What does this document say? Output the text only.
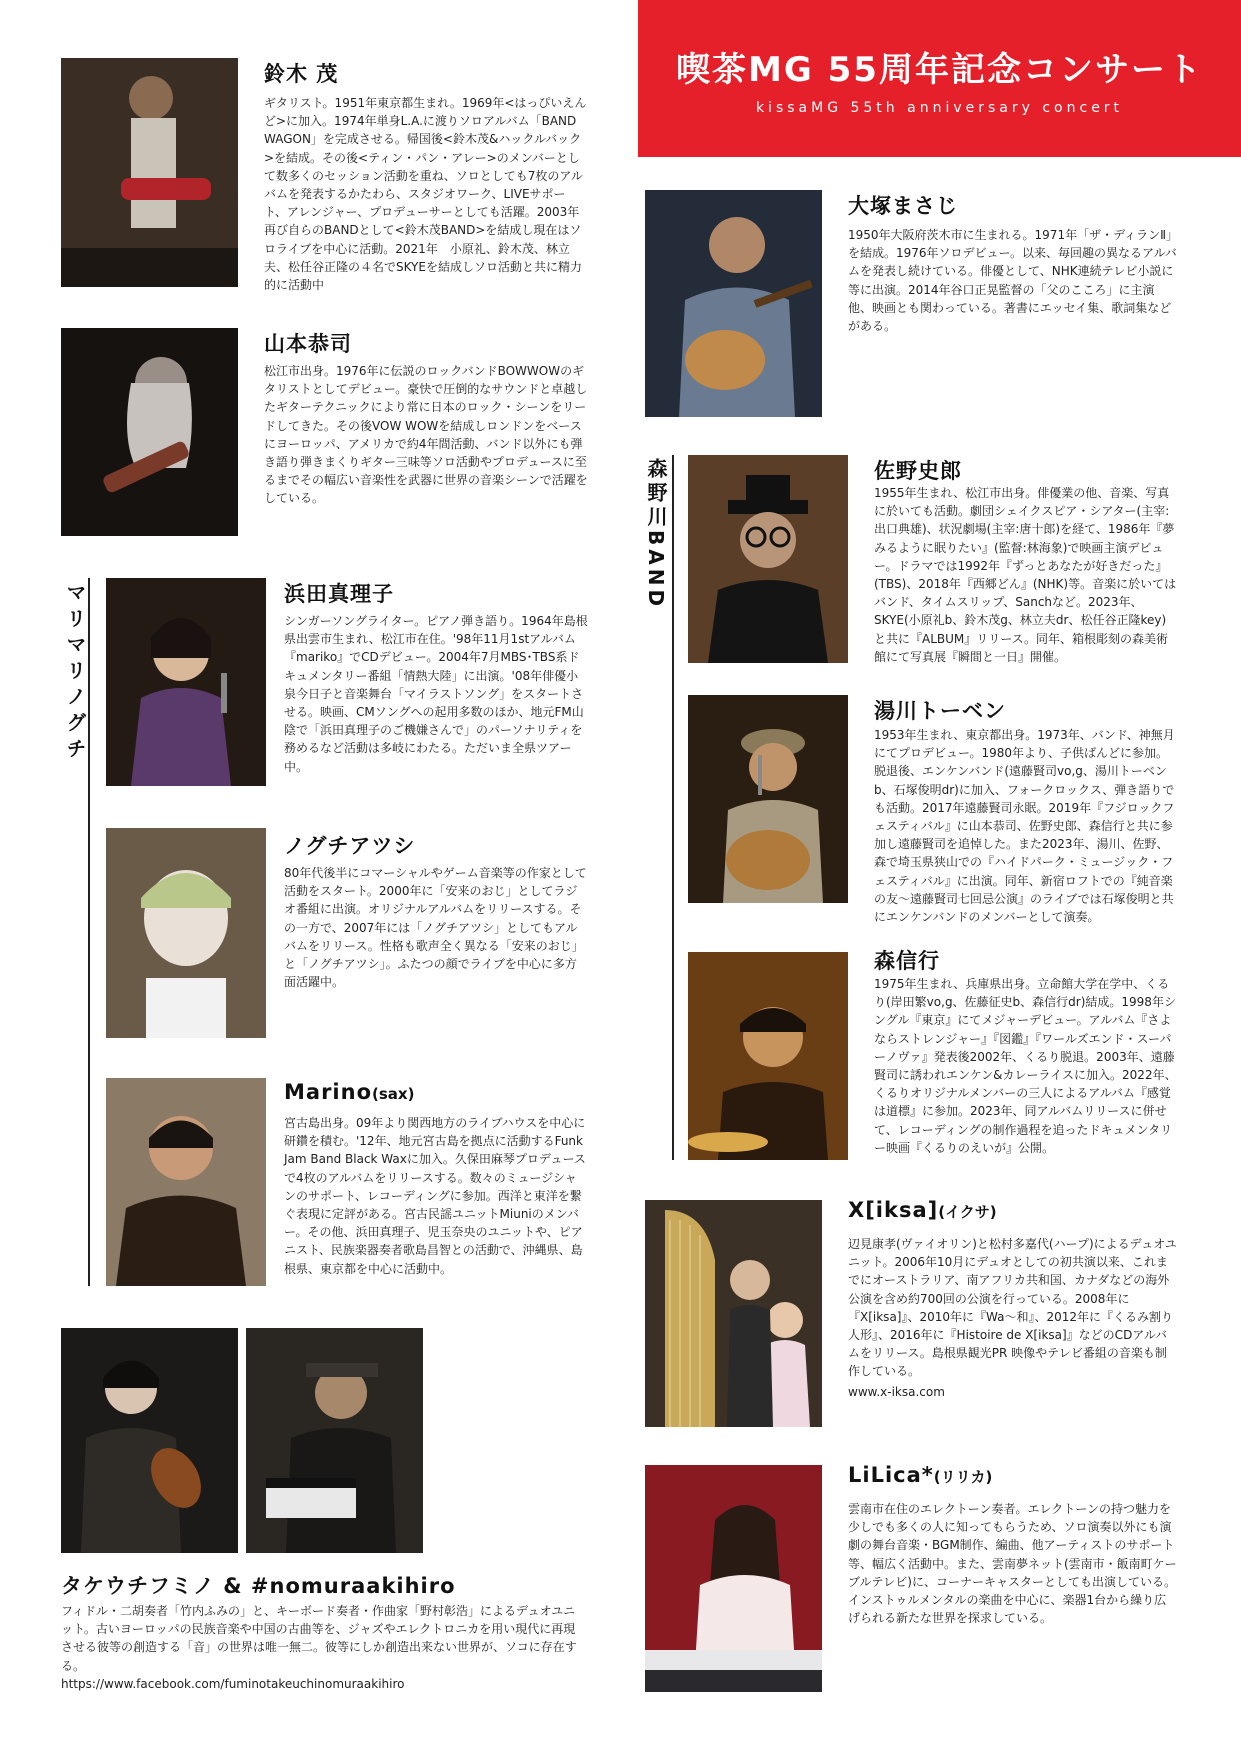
喫茶MG 55周年記念コンサート
kissaMG 55th anniversary concert
鈴木 茂
ギタリスト。1951年東京都生まれ。1969年<はっぴいえんど>に加入。1974年単身L.A.に渡りソロアルバム「BAND WAGON」を完成させる。帰国後<鈴木茂&ハックルバック>を結成。その後<ティン・パン・アレー>のメンバーとして数多くのセッション活動を重ね、ソロとしても7枚のアルバムを発表するかたわら、スタジオワーク、LIVEサポート、アレンジャー、プロデューサーとしても活躍。2003年再び自らのBANDとして<鈴木茂BAND>を結成し現在はソロライブを中心に活動。2021年　小原礼、鈴木茂、林立夫、松任谷正隆の４名でSKYEを結成しソロ活動と共に精力的に活動中
山本恭司
松江市出身。1976年に伝説のロックバンドBOWWOWのギタリストとしてデビュー。豪快で圧倒的なサウンドと卓越したギターテクニックにより常に日本のロック・シーンをリードしてきた。その後VOW WOWを結成しロンドンをベースにヨーロッパ、アメリカで約4年間活動、バンド以外にも弾き語り弾きまくりギター三味等ソロ活動やプロデュースに至るまでその幅広い音楽性を武器に世界の音楽シーンで活躍をしている。
マリマリノグチ	浜田真理子
シンガーソングライター。ピアノ弾き語り。1964年島根県出雲市生まれ、松江市在住。'98年11月1stアルバム『mariko』でCDデビュー。2004年7月MBS･TBS系ドキュメンタリー番組「情熱大陸」に出演。'08年俳優小泉今日子と音楽舞台「マイラストソング」をスタートさせる。映画、CMソングへの起用多数のほか、地元FM山陰で「浜田真理子のご機嫌さんで」のパーソナリティを務めるなど活動は多岐にわたる。ただいま全県ツアー中。
ノグチアツシ
80年代後半にコマーシャルやゲーム音楽等の作家として活動をスタート。2000年に「安来のおじ」としてラジオ番組に出演。オリジナルアルバムをリリースする。その一方で、2007年には「ノグチアツシ」としてもアルバムをリリース。性格も歌声全く異なる「安来のおじ」と「ノグチアツシ」。ふたつの顔でライブを中心に多方面活躍中。
Marino(sax)
宮古島出身。09年より関西地方のライブハウスを中心に研鑽を積む。'12年、地元宮古島を拠点に活動するFunk Jam Band Black Waxに加入。久保田麻琴プロデュースで4枚のアルバムをリリースする。数々のミュージシャンのサポート、レコーディングに参加。西洋と東洋を繋ぐ表現に定評がある。宮古民謡ユニットMiuniのメンバー。その他、浜田真理子、児玉奈央のユニットや、ピアニスト、民族楽器奏者歌島昌智との活動で、沖縄県、島根県、東京都を中心に活動中。
タケウチフミノ & #nomuraakihiro
フィドル・二胡奏者「竹内ふみの」と、キーボード奏者・作曲家「野村彰浩」によるデュオユニット。古いヨーロッパの民族音楽や中国の古曲等を、ジャズやエレクトロニカを用い現代に再現させる彼等の創造する「音」の世界は唯一無二。彼等にしか創造出来ない世界が、ソコに存在する。
https://www.facebook.com/fuminotakeuchinomuraakihiro
大塚まさじ
1950年大阪府茨木市に生まれる。1971年「ザ・ディランⅡ」を結成。1976年ソロデビュー。以来、毎回趣の異なるアルバムを発表し続けている。俳優として、NHK連続テレビ小説に等に出演。2014年谷口正晃監督の「父のこころ」に主演他、映画とも関わっている。著書にエッセイ集、歌詞集などがある。
森野川BAND	佐野史郎
1955年生まれ、松江市出身。俳優業の他、音楽、写真に於いても活動。劇団シェイクスピア・シアター(主宰:出口典雄)、状況劇場(主宰:唐十郎)を経て、1986年『夢みるように眠りたい』(監督:林海象)で映画主演デビュー。ドラマでは1992年『ずっとあなたが好きだった』(TBS)、2018年『西郷どん』(NHK)等。音楽に於いてはバンド、タイムスリップ、Sanchなど。2023年、SKYE(小原礼b、鈴木茂g、林立夫dr、松任谷正隆key)と共に『ALBUM』リリース。同年、箱根彫刻の森美術館にて写真展『瞬間と一日』開催。
湯川トーベン
1953年生まれ、東京都出身。1973年、バンド、神無月にてプロデビュー。1980年より、子供ばんどに参加。脱退後、エンケンバンド(遠藤賢司vo,g、湯川トーベンb、石塚俊明dr)に加入、フォークロックス、弾き語りでも活動。2017年遠藤賢司永眠。2019年『フジロックフェスティバル』に山本恭司、佐野史郎、森信行と共に参加し遠藤賢司を追悼した。また2023年、湯川、佐野、森で埼玉県狭山での『ハイドパーク・ミュージック・フェスティバル』に出演。同年、新宿ロフトでの『純音楽の友～遠藤賢司七回忌公演』のライブでは石塚俊明と共にエンケンバンドのメンバーとして演奏。
森信行
1975年生まれ、兵庫県出身。立命館大学在学中、くるり(岸田繁vo,g、佐藤征史b、森信行dr)結成。1998年シングル『東京』にてメジャーデビュー。アルバム『さよならストレンジャー』『図鑑』『ワールズエンド・スーパーノヴァ』発表後2002年、くるり脱退。2003年、遠藤賢司に誘われエンケン&カレーライスに加入。2022年、くるりオリジナルメンバーの三人によるアルバム『感覚は道標』に参加。2023年、同アルバムリリースに併せて、レコーディングの制作過程を追ったドキュメンタリー映画『くるりのえいが』公開。
X[iksa](イクサ)
辺見康孝(ヴァイオリン)と松村多嘉代(ハープ)によるデュオユニット。2006年10月にデュオとしての初共演以来、これまでにオーストラリア、南アフリカ共和国、カナダなどの海外公演を含め約700回の公演を行っている。2008年に『X[iksa]』、2010年に『Wa～和』、2012年に『くるみ割り人形』、2016年に『Histoire de X[iksa]』などのCDアルバムをリリース。島根県観光PR 映像やテレビ番組の音楽も制作している。
www.x-iksa.com
LiLica*(リリカ)
雲南市在住のエレクトーン奏者。エレクトーンの持つ魅力を少しでも多くの人に知ってもらうため、ソロ演奏以外にも演劇の舞台音楽・BGM制作、編曲、他アーティストのサポート等、幅広く活動中。また、雲南夢ネット(雲南市・飯南町ケーブルテレビ)に、コーナーキャスターとしても出演している。インストゥルメンタルの楽曲を中心に、楽器1台から繰り広げられる新たな世界を探求している。
